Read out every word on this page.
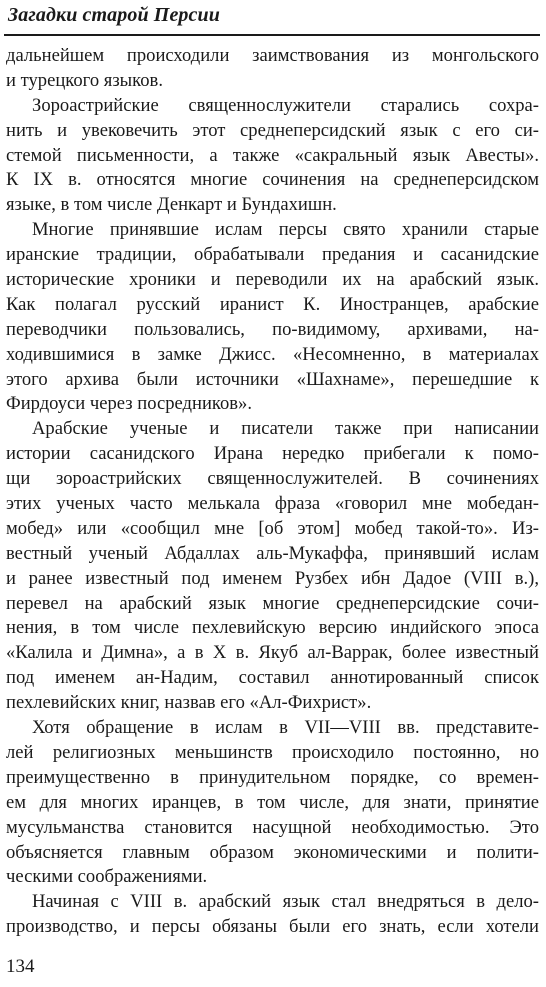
Загадки старой Персии
дальнейшем происходили заимствования из монгольского
и турецкого языков.
Зороастрийские священнослужители старались сохра-
нить и увековечить этот среднеперсидский язык с его си-
стемой письменности, а также «сакральный язык Авесты».
К IX в. относятся многие сочинения на среднеперсидском
языке, в том числе Денкарт и Бундахишн.
Многие принявшие ислам персы свято хранили старые
иранские традиции, обрабатывали предания и сасанидские
исторические хроники и переводили их на арабский язык.
Как полагал русский иранист К. Иностранцев, арабские
переводчики пользовались, по-видимому, архивами, на-
ходившимися в замке Джисс. «Несомненно, в материалах
этого архива были источники «Шахнаме», перешедшие к
Фирдоуси через посредников».
Арабские ученые и писатели также при написании
истории сасанидского Ирана нередко прибегали к помо-
щи зороастрийских священнослужителей. В сочинениях
этих ученых часто мелькала фраза «говорил мне мобедан-
мобед» или «сообщил мне [об этом] мобед такой-то». Из-
вестный ученый Абдаллах аль-Мукаффа, принявший ислам
и ранее известный под именем Рузбех ибн Дадое (VIII в.),
перевел на арабский язык многие среднеперсидские сочи-
нения, в том числе пехлевийскую версию индийского эпоса
«Калила и Димна», а в X в. Якуб ал-Варрак, более известный
под именем ан-Надим, составил аннотированный список
пехлевийских книг, назвав его «Ал-Фихрист».
Хотя обращение в ислам в VII—VIII вв. представите-
лей религиозных меньшинств происходило постоянно, но
преимущественно в принудительном порядке, со времен-
ем для многих иранцев, в том числе, для знати, принятие
мусульманства становится насущной необходимостью. Это
объясняется главным образом экономическими и полити-
ческими соображениями.
Начиная с VIII в. арабский язык стал внедряться в дело-
производство, и персы обязаны были его знать, если хотели
134
